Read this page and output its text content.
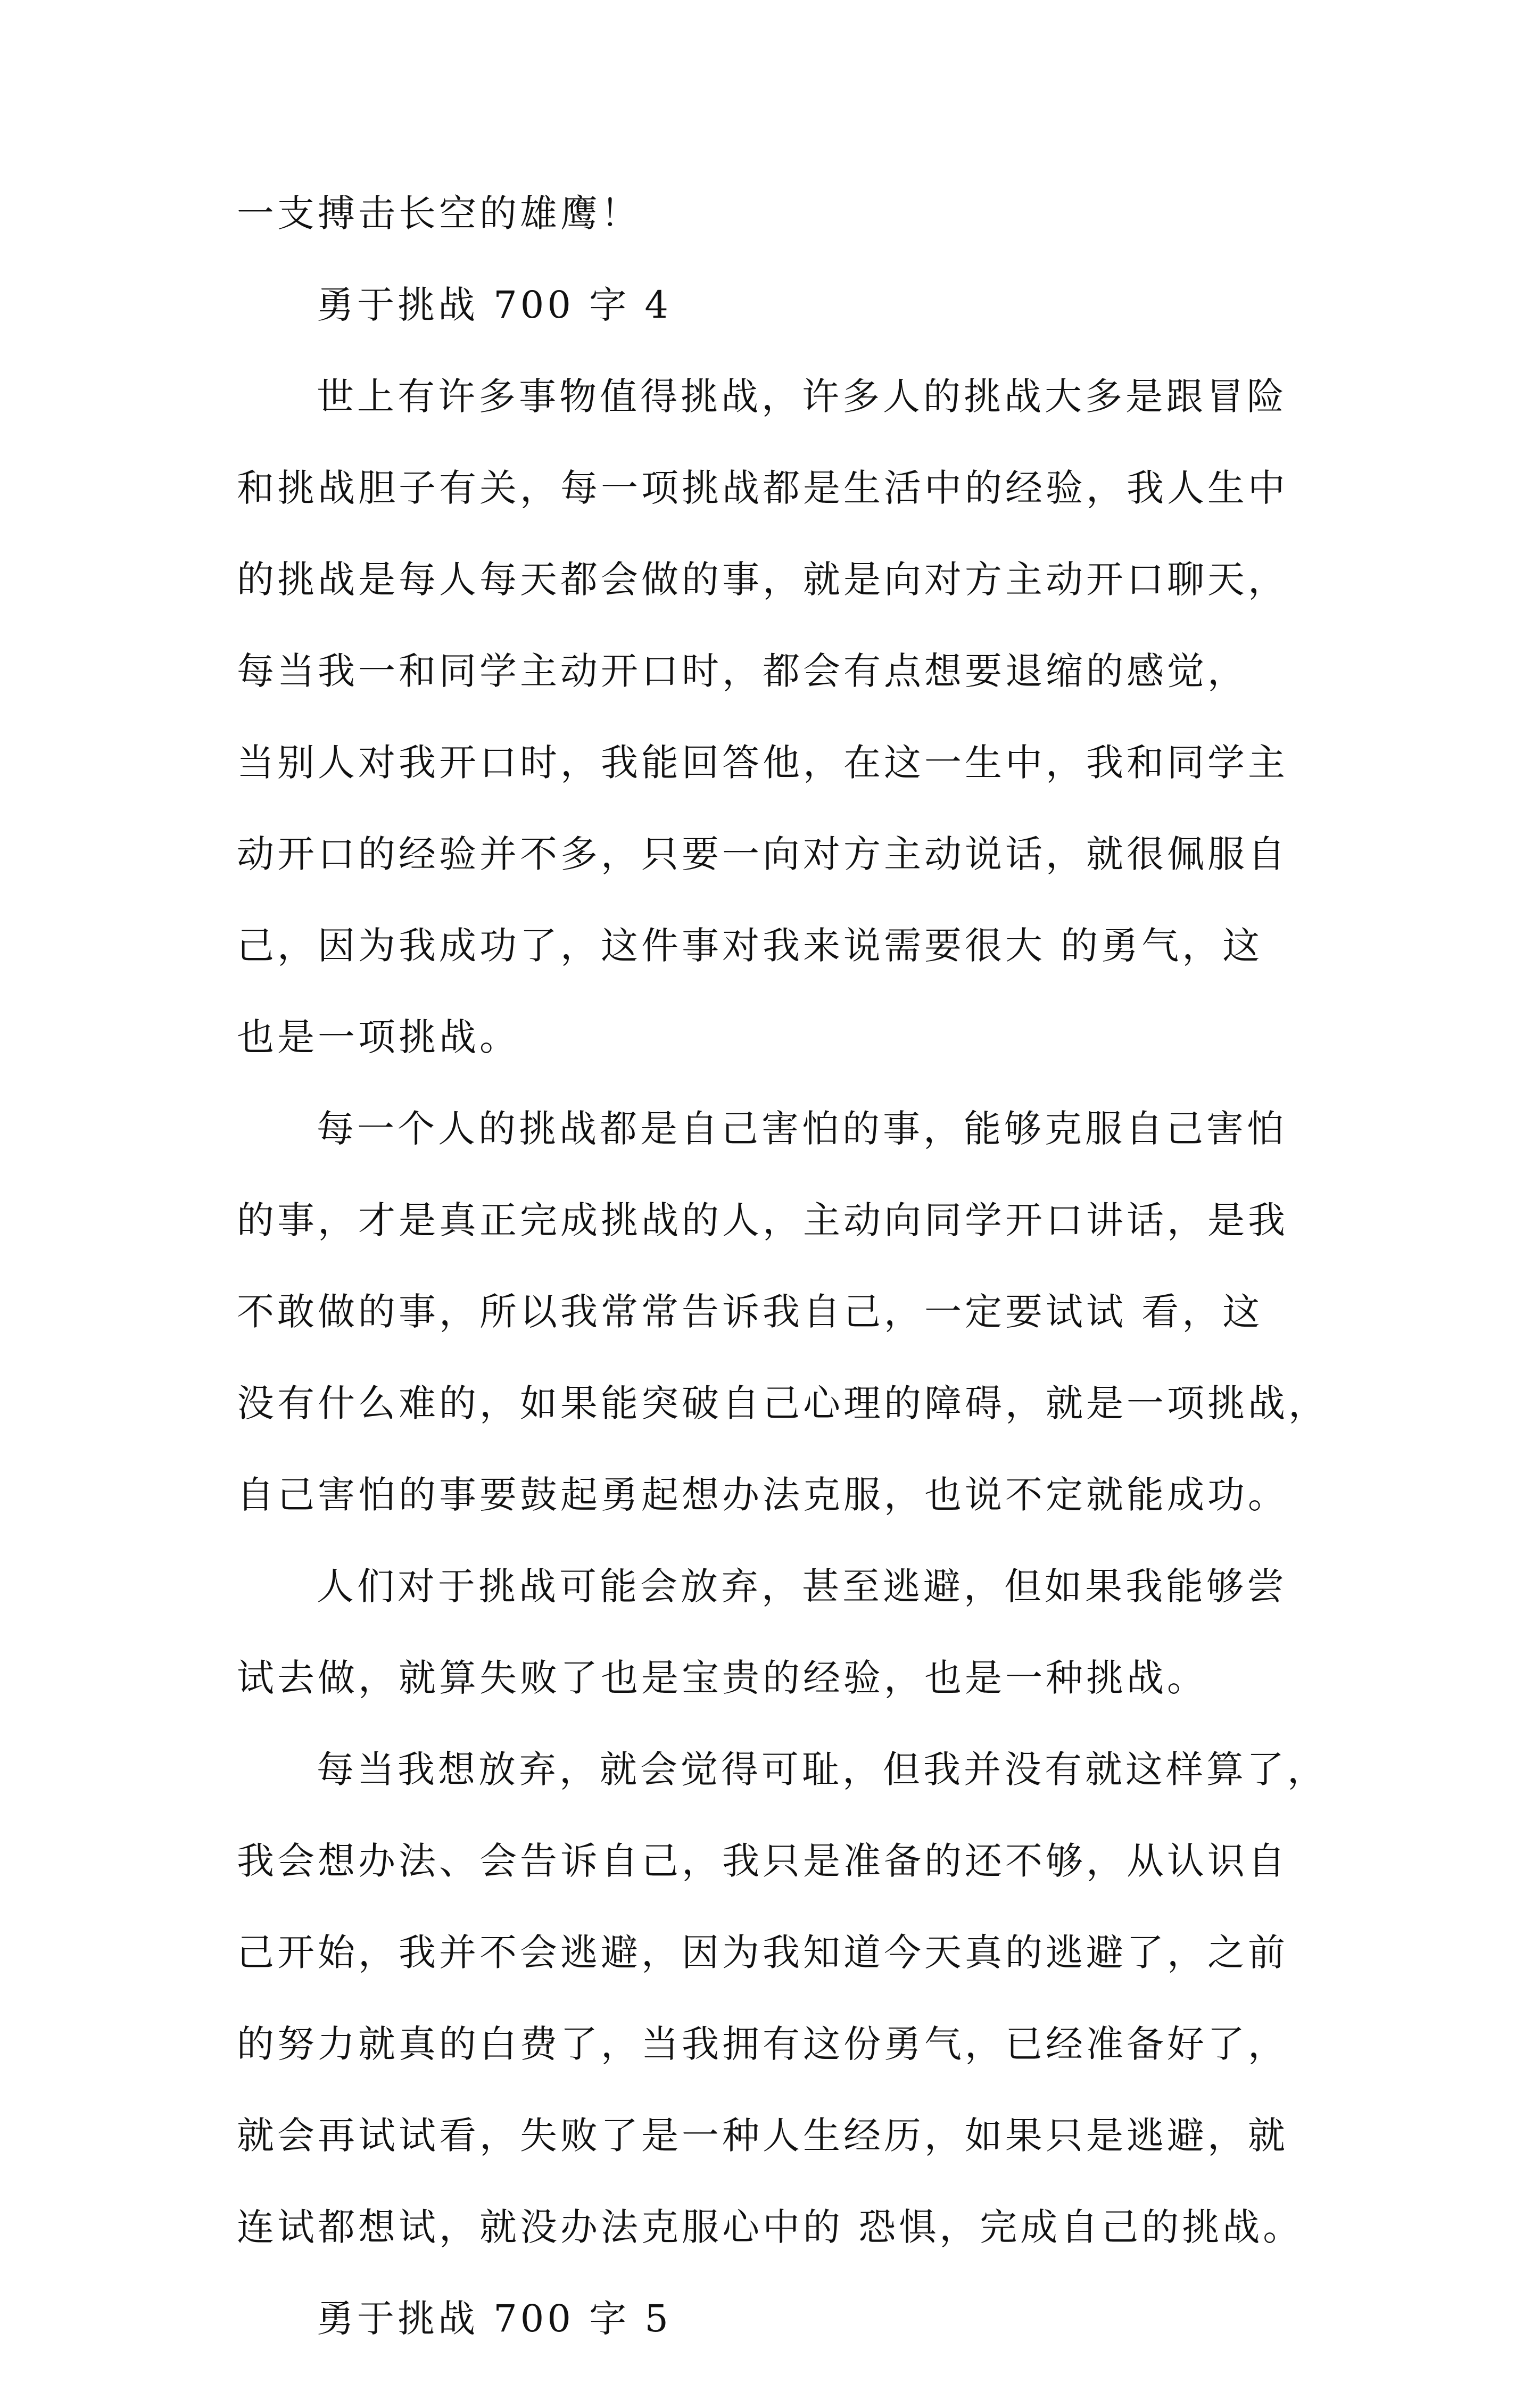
一支搏击长空的雄鹰！
勇于挑战 700 字 4
世上有许多事物值得挑战，许多人的挑战大多是跟冒险
和挑战胆子有关，每一项挑战都是生活中的经验，我人生中
的挑战是每人每天都会做的事，就是向对方主动开口聊天，
每当我一和同学主动开口时，都会有点想要退缩的感觉，
当别人对我开口时，我能回答他，在这一生中，我和同学主
动开口的经验并不多，只要一向对方主动说话，就很佩服自
己，因为我成功了，这件事对我来说需要很大 的勇气，这
也是一项挑战。
每一个人的挑战都是自己害怕的事，能够克服自己害怕
的事，才是真正完成挑战的人，主动向同学开口讲话，是我
不敢做的事，所以我常常告诉我自己，一定要试试 看，这
没有什么难的，如果能突破自己心理的障碍，就是一项挑战，
自己害怕的事要鼓起勇起想办法克服，也说不定就能成功。
人们对于挑战可能会放弃，甚至逃避，但如果我能够尝
试去做，就算失败了也是宝贵的经验，也是一种挑战。
每当我想放弃，就会觉得可耻，但我并没有就这样算了，
我会想办法、会告诉自己，我只是准备的还不够，从认识自
己开始，我并不会逃避，因为我知道今天真的逃避了，之前
的努力就真的白费了，当我拥有这份勇气，已经准备好了，
就会再试试看，失败了是一种人生经历，如果只是逃避，就
连试都想试，就没办法克服心中的 恐惧，完成自己的挑战。
勇于挑战 700 字 5
